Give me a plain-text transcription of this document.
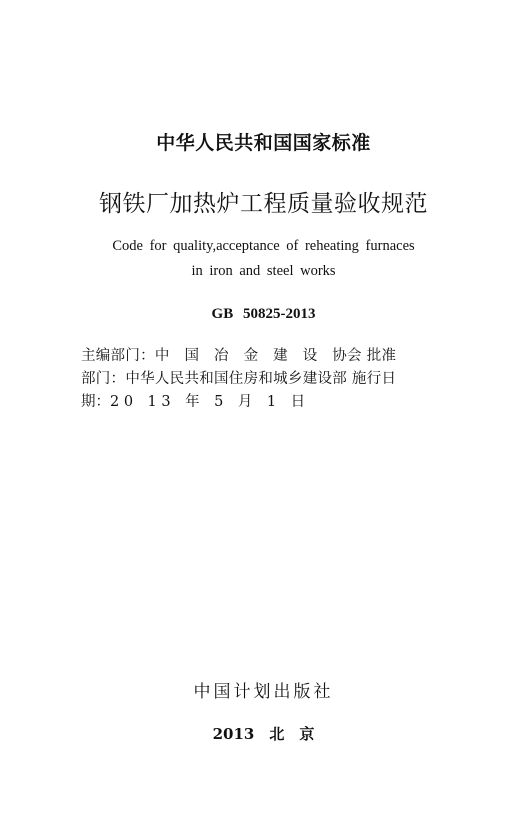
中华人民共和国国家标准
钢铁厂加热炉工程质量验收规范
Code for quality,acceptance of reheating furnaces
in iron and steel works
GB 50825-2013
主编部门：中　国　冶　金　建　设　协会 批准部门：中华人民共和国住房和城乡建设部 施行日期：2 0　1 3　年　5　月　1　日
中国计划出版社
2013　北　京
